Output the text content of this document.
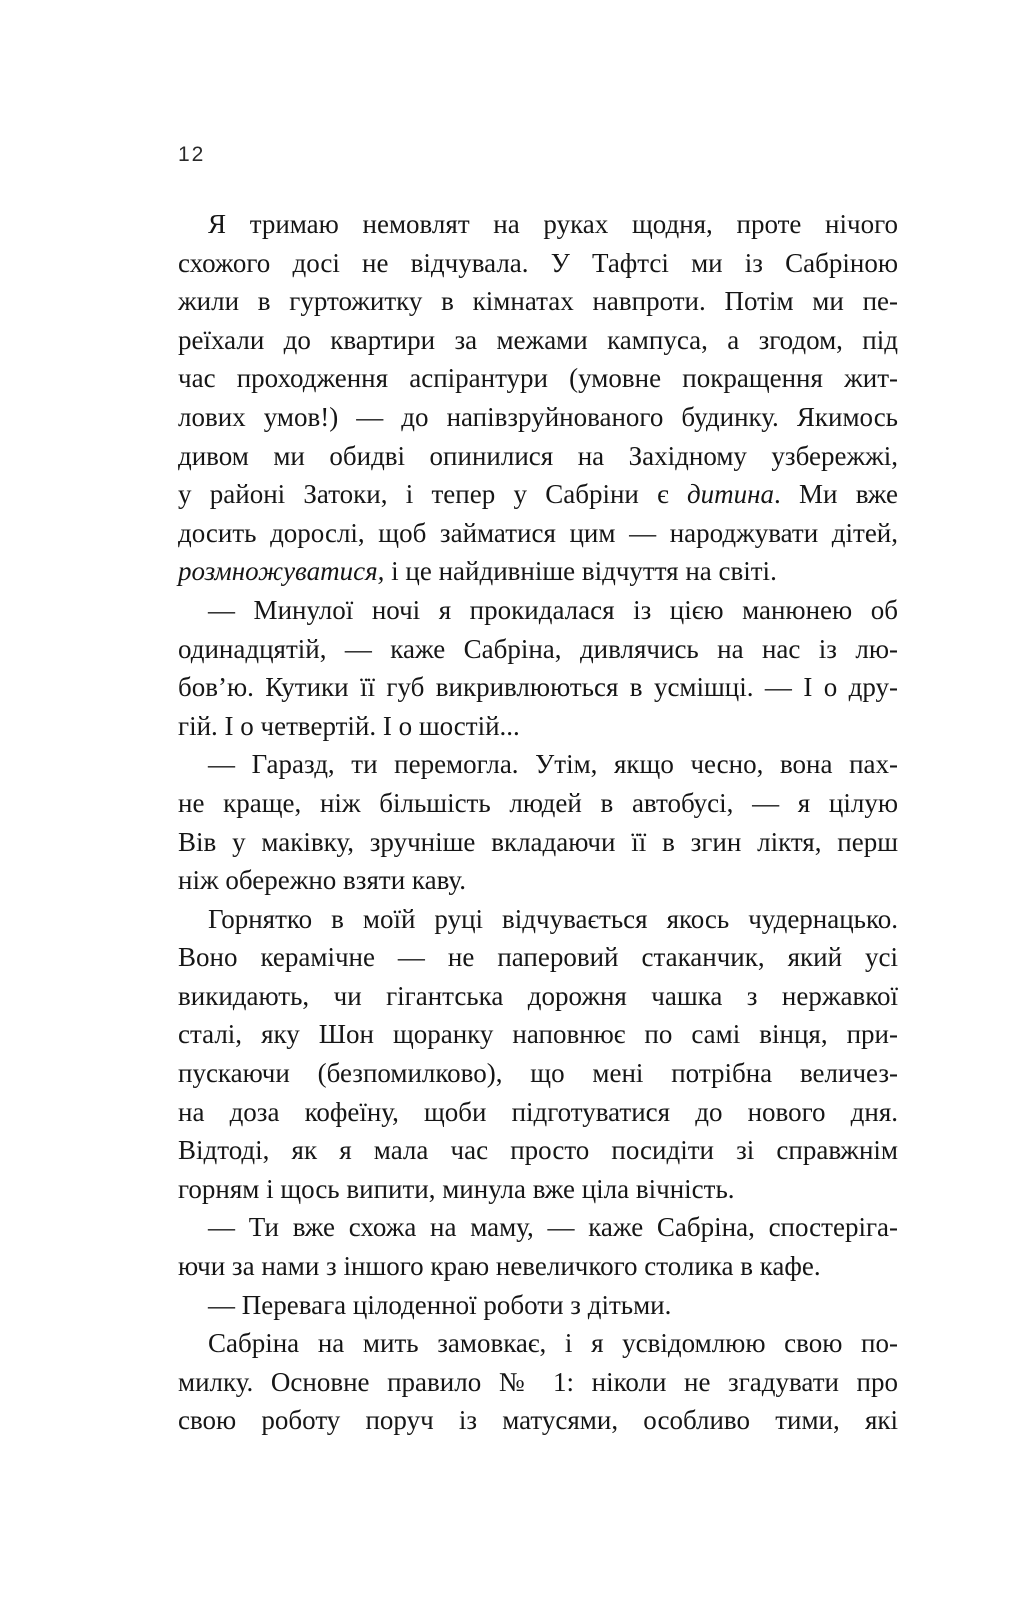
12
Я тримаю немовлят на руках щодня, проте нічого
схожого досі не відчувала. У Тафтсі ми із Сабріною
жили в гуртожитку в кімнатах навпроти. Потім ми пе-
реїхали до квартири за межами кампуса, а згодом, під
час проходження аспірантури (умовне покращення жит-
лових умов!) — до напівзруйнованого будинку. Якимось
дивом ми обидві опинилися на Західному узбережжі,
у районі Затоки, і тепер у Сабріни є дитина. Ми вже
досить дорослі, щоб займатися цим — народжувати дітей,
розмножуватися, і це найдивніше відчуття на світі.
— Минулої ночі я прокидалася із цією манюнею об
одинадцятій, — каже Сабріна, дивлячись на нас із лю-
бов’ю. Кутики її губ викривлюються в усмішці. — І о дру-
гій. І о четвертій. І о шостій...
— Гаразд, ти перемогла. Утім, якщо чесно, вона пах-
не краще, ніж більшість людей в автобусі, — я цілую
Вів у маківку, зручніше вкладаючи її в згин ліктя, перш
ніж обережно взяти каву.
Горнятко в моїй руці відчувається якось чудернацько.
Воно керамічне — не паперовий стаканчик, який усі
викидають, чи гігантська дорожня чашка з нержавкої
сталі, яку Шон щоранку наповнює по самі вінця, при-
пускаючи (безпомилково), що мені потрібна величез-
на доза кофеїну, щоби підготуватися до нового дня.
Відтоді, як я мала час просто посидіти зі справжнім
горням і щось випити, минула вже ціла вічність.
— Ти вже схожа на маму, — каже Сабріна, спостерігa-
ючи за нами з іншого краю невеличкого столика в кафе.
— Перевага цілоденної роботи з дітьми.
Сабріна на мить замовкає, і я усвідомлюю свою по-
милку. Основне правило № 1: ніколи не згадувати про
свою роботу поруч із матусями, особливо тими, які
